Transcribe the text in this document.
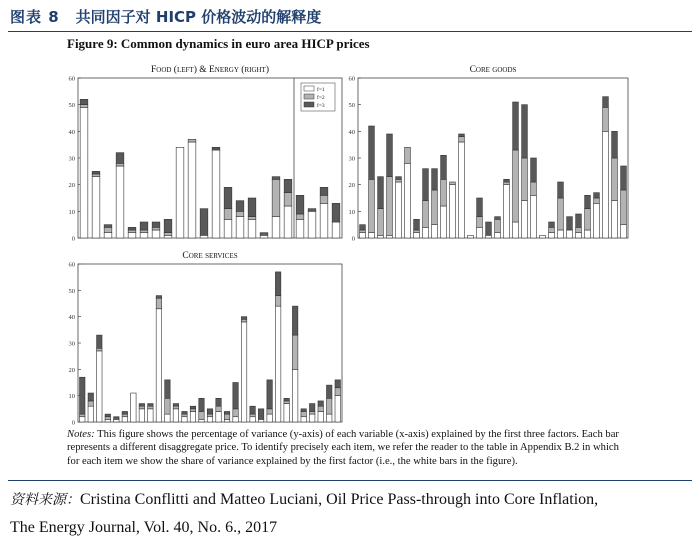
图表 8 共同因子对 HICP 价格波动的解释度
Figure 9: Common dynamics in euro area HICP prices
0
10
20
30
40
50
60
Food (left) & Energy (right)
f=1
f=2
f=3
0
10
20
30
40
50
60
Core goods
0
10
20
30
40
50
60
Core services
Notes: This figure shows the percentage of variance (y-axis) of each variable (x-axis) explained by the first three factors. Each bar represents a different disaggregate price. To identify precisely each item, we refer the reader to the table in Appendix B.2 in which for each item we show the share of variance explained by the first factor (i.e., the white bars in the figure).
资料来源：Cristina Conflitti and Matteo Luciani, Oil Price Pass-through into Core Inflation,
The Energy Journal, Vol. 40, No. 6., 2017
